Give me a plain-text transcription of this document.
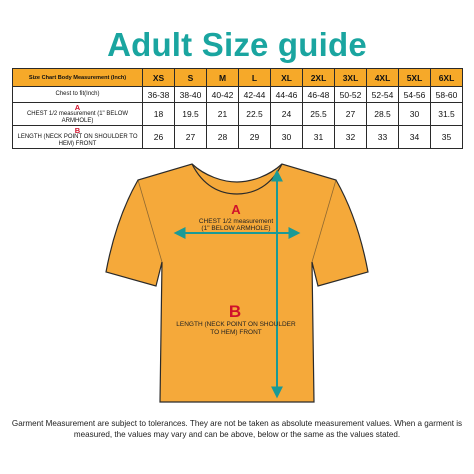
Adult Size guide
Size Chart Body Measurement (Inch)	XS	S	M	L	XL	2XL	3XL	4XL	5XL	6XL
Chest to fit(Inch)	36-38	38-40	40-42	42-44	44-46	46-48	50-52	52-54	54-56	58-60

A
CHEST 1/2 measurement (1" BELOW ARMHOLE)	18	19.5	21	22.5	24	25.5	27	28.5	30	31.5

B
LENGTH (NECK POINT ON SHOULDER TO HEM) FRONT	26	27	28	29	30	31	32	33	34	35
A
CHEST 1/2 measurement
(1" BELOW ARMHOLE)
B
LENGTH (NECK POINT ON SHOULDER
TO HEM) FRONT
Garment Measurement are subject to tolerances. They are not be taken as absolute measurement values. When a garment is measured, the values may vary and can be above, below or the same as the values stated.
